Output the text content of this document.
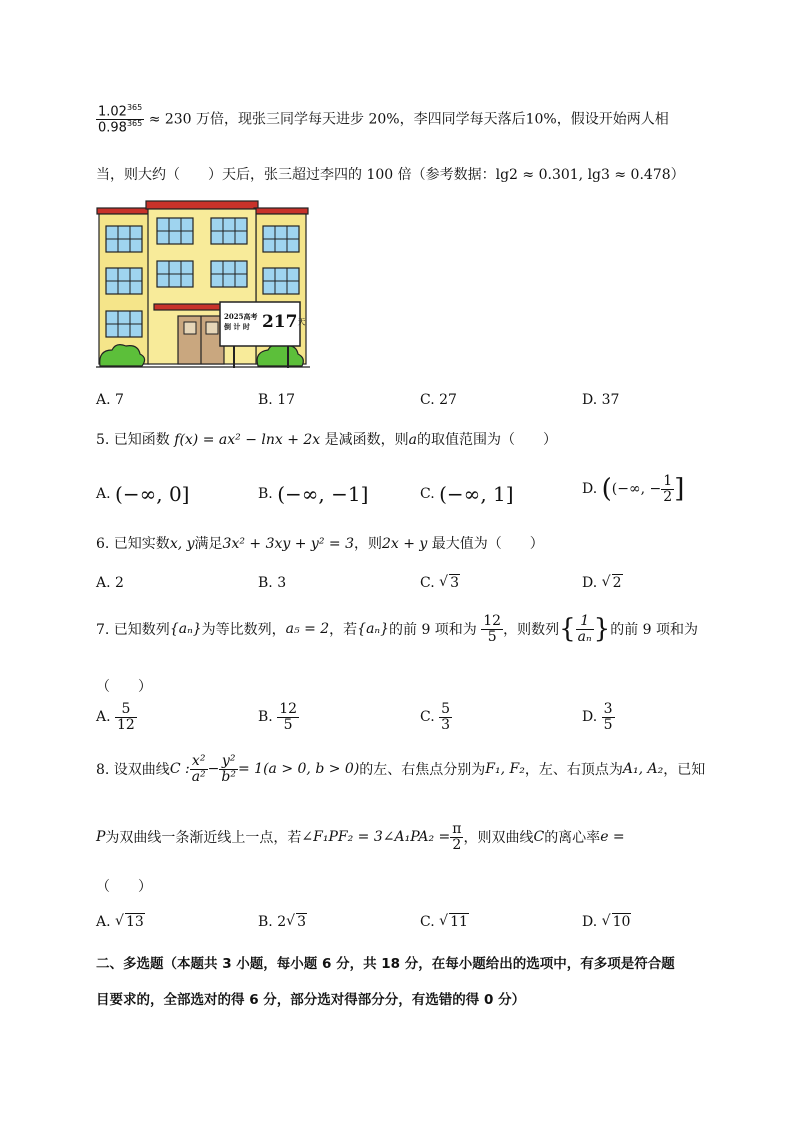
$\frac{1.02^{365}}{0.98^{365}} \approx 230$ 万倍，现张三同学每天进步 20%，李四同学每天落后10%，假设开始两人相
当，则大约（　　）天后，张三超过李四的 100 倍（参考数据：lg2 ≈ 0.301, lg3 ≈ 0.478）
2025高考
倒 计 时 217天
A. 7	B. 17	C. 27	D. 37
5. 已知函数 f(x) = ax² − lnx + 2x 是减函数，则a的取值范围为（　　）
A. (−∞, 0]	B. (−∞, −1]	C. (−∞, 1]	D. ((−∞, − $\frac{1}{2}$ ]
6. 已知实数x, y满足3x² + 3xy + y² = 3，则2x + y 最大值为（　　）
A. 2	B. 3	C. √ 3	D. √ 2
7. 已知数列{aₙ}为等比数列，a₅ = 2，若{aₙ}的前 9 项和为 $\frac{12}{5}$ ，则数列{ $\frac{1}{\text{aₙ}}$ }的前 9 项和为
（　　）
A. $\frac{5}{12}$	B. $\frac{12}{5}$	C. $\frac{5}{3}$	D. $\frac{3}{5}$
8. 设双曲线C : $\frac{\text{x²}}{\text{a²}} - \frac{\text{y²}}{\text{b²}} = 1(a > 0$, b > 0)的左、右焦点分别为F₁, F₂，左、右顶点为A₁, A₂，已知
P为双曲线一条渐近线上一点，若∠F₁PF₂ = 3∠A₁PA₂ = $\frac{\pi}{2}$ ，则双曲线C的离心率e =
（　　）
A. √ 13	B. 2 √ 3	C. √ 11	D. √ 10
二、多选题（本题共 3 小题，每小题 6 分，共 18 分，在每小题给出的选项中，有多项是符合题
目要求的，全部选对的得 6 分，部分选对得部分分，有选错的得 0 分）
